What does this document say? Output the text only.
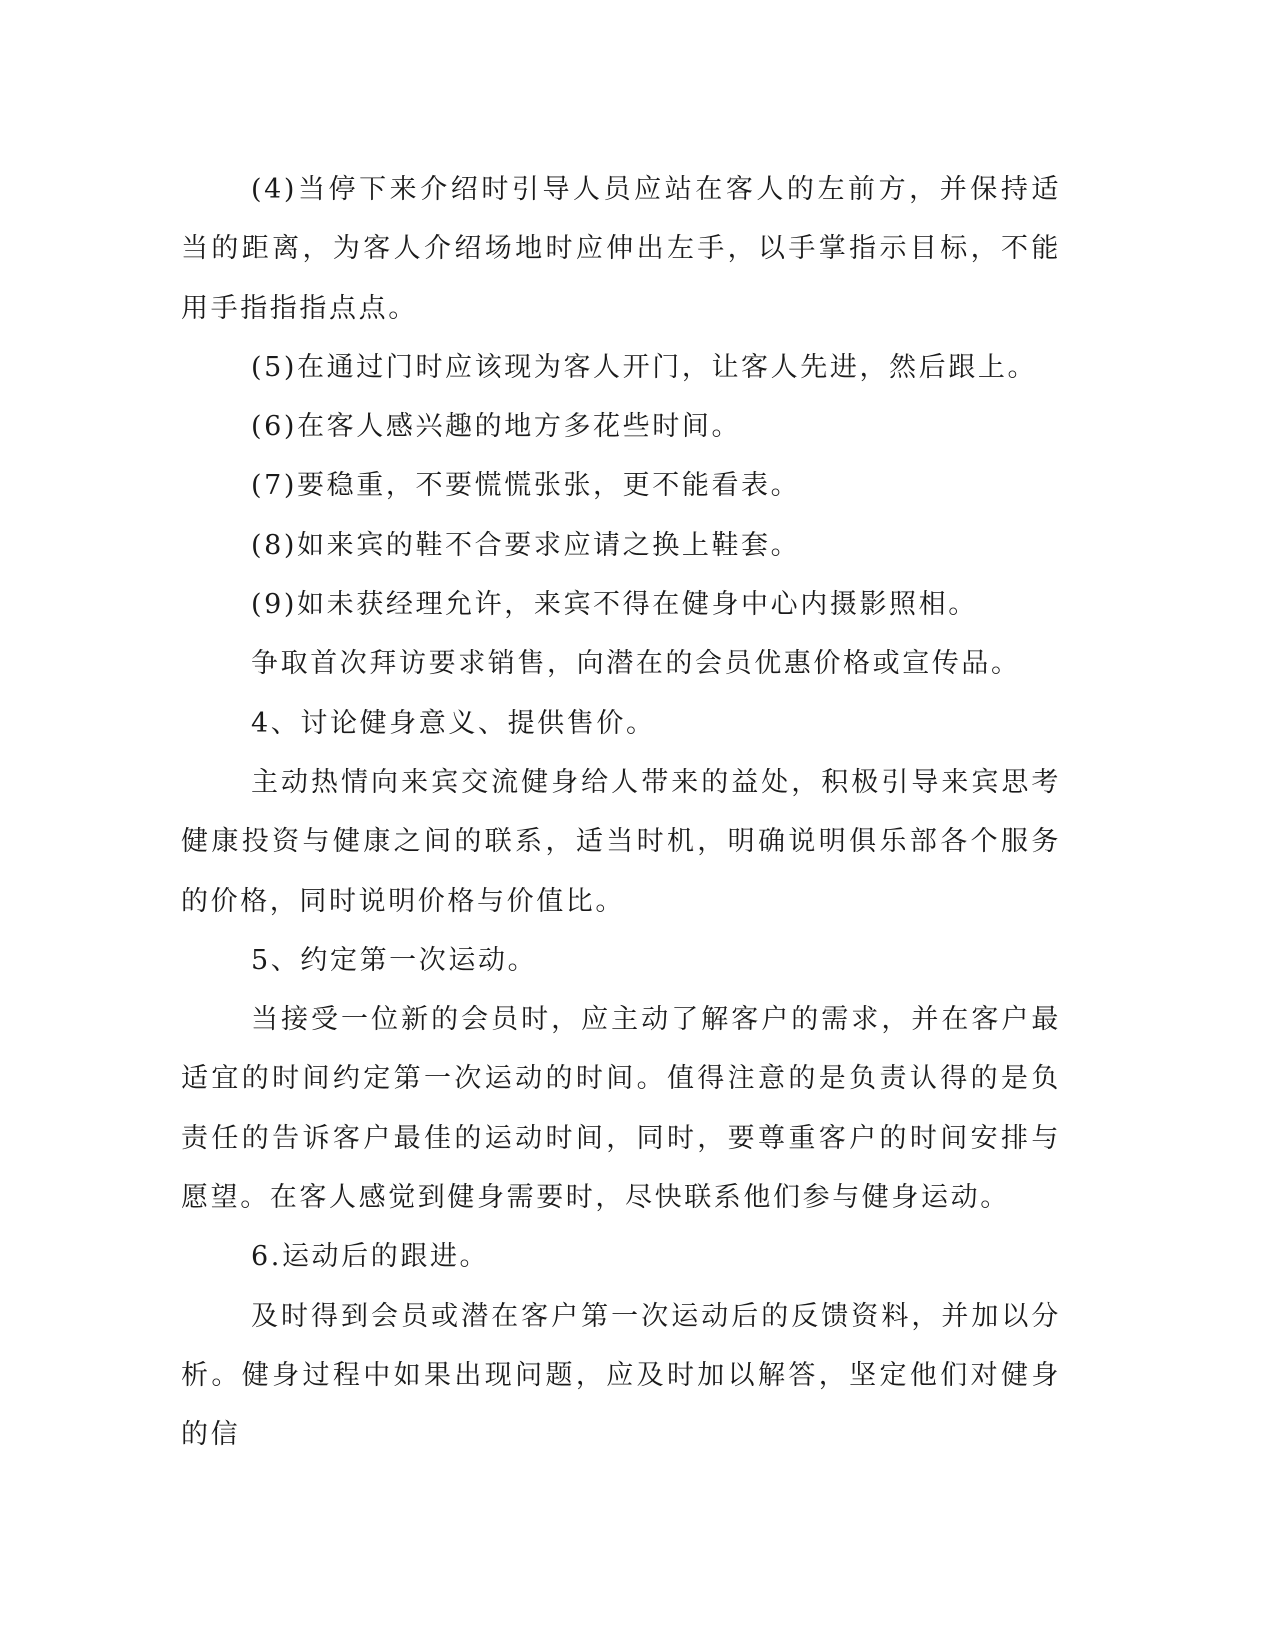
(4)当停下来介绍时引导人员应站在客人的左前方，并保持适当的距离，为客人介绍场地时应伸出左手，以手掌指示目标，不能用手指指指点点。

(5)在通过门时应该现为客人开门，让客人先进，然后跟上。

(6)在客人感兴趣的地方多花些时间。

(7)要稳重，不要慌慌张张，更不能看表。

(8)如来宾的鞋不合要求应请之换上鞋套。

(9)如未获经理允许，来宾不得在健身中心内摄影照相。

争取首次拜访要求销售，向潜在的会员优惠价格或宣传品。

4、讨论健身意义、提供售价。

主动热情向来宾交流健身给人带来的益处，积极引导来宾思考健康投资与健康之间的联系，适当时机，明确说明俱乐部各个服务的价格，同时说明价格与价值比。

5、约定第一次运动。

当接受一位新的会员时，应主动了解客户的需求，并在客户最适宜的时间约定第一次运动的时间。值得注意的是负责认得的是负责任的告诉客户最佳的运动时间，同时，要尊重客户的时间安排与愿望。在客人感觉到健身需要时，尽快联系他们参与健身运动。

6.运动后的跟进。

及时得到会员或潜在客户第一次运动后的反馈资料，并加以分析。健身过程中如果出现问题，应及时加以解答，坚定他们对健身的信
